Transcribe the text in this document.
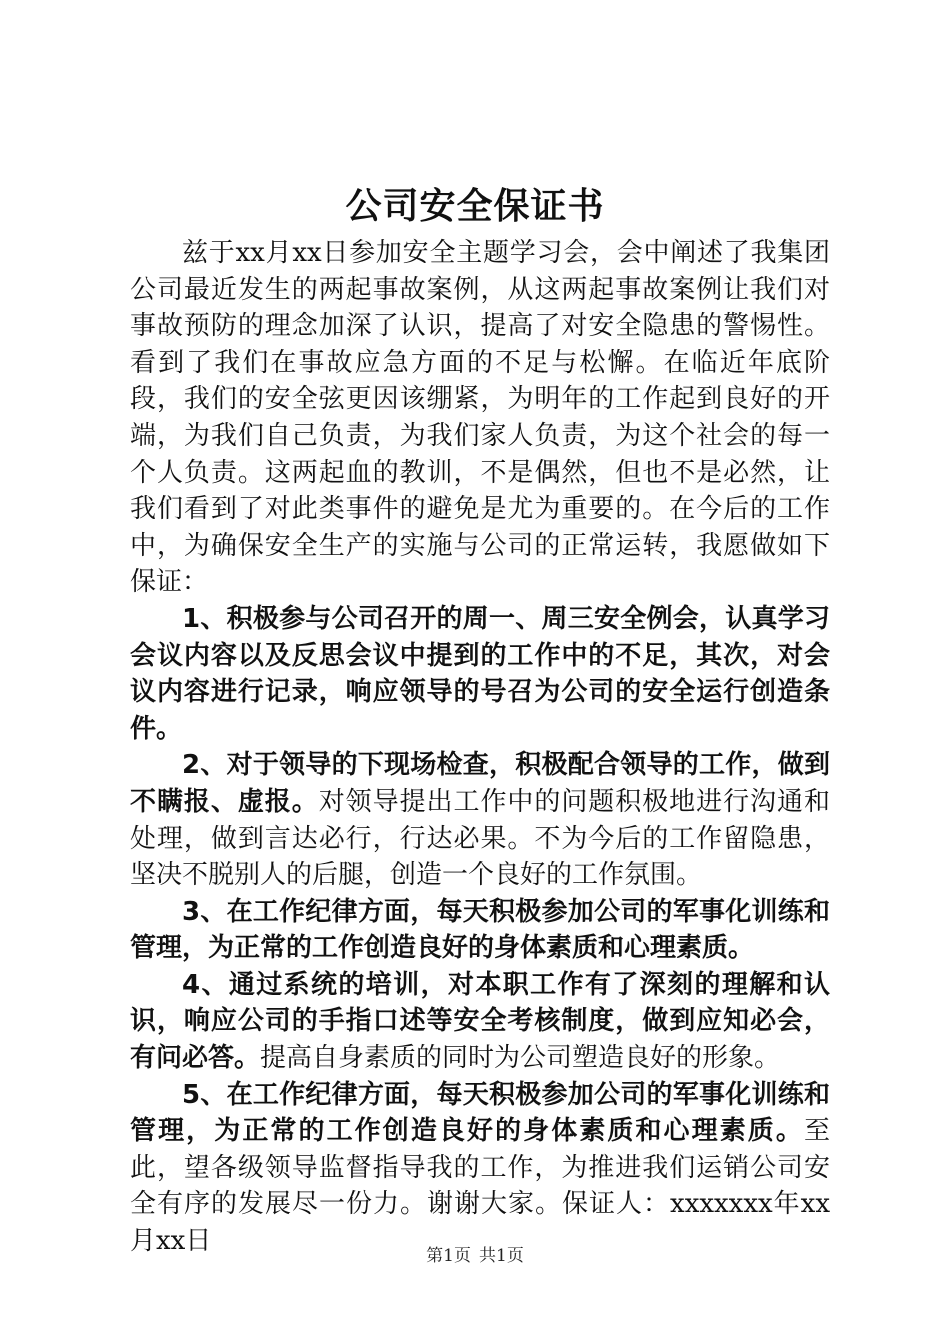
公司安全保证书

兹于xx月xx日参加安全主题学习会，会中阐述了我集团公司最近发生的两起事故案例，从这两起事故案例让我们对事故预防的理念加深了认识，提高了对安全隐患的警惕性。看到了我们在事故应急方面的不足与松懈。在临近年底阶段，我们的安全弦更因该绷紧，为明年的工作起到良好的开端，为我们自己负责，为我们家人负责，为这个社会的每一个人负责。这两起血的教训，不是偶然，但也不是必然，让我们看到了对此类事件的避免是尤为重要的。在今后的工作中，为确保安全生产的实施与公司的正常运转，我愿做如下保证：

1、积极参与公司召开的周一、周三安全例会，认真学习会议内容以及反思会议中提到的工作中的不足，其次，对会议内容进行记录，响应领导的号召为公司的安全运行创造条件。

2、对于领导的下现场检查，积极配合领导的工作，做到不瞒报、虚报。对领导提出工作中的问题积极地进行沟通和处理，做到言达必行，行达必果。不为今后的工作留隐患，坚决不脱别人的后腿，创造一个良好的工作氛围。

3、在工作纪律方面，每天积极参加公司的军事化训练和管理，为正常的工作创造良好的身体素质和心理素质。

4、通过系统的培训，对本职工作有了深刻的理解和认识，响应公司的手指口述等安全考核制度，做到应知必会，有问必答。提高自身素质的同时为公司塑造良好的形象。

5、在工作纪律方面，每天积极参加公司的军事化训练和管理，为正常的工作创造良好的身体素质和心理素质。至此，望各级领导监督指导我的工作，为推进我们运销公司安全有序的发展尽一份力。谢谢大家。保证人：xxxxxxx年xx月xx日	第1页 共1页
